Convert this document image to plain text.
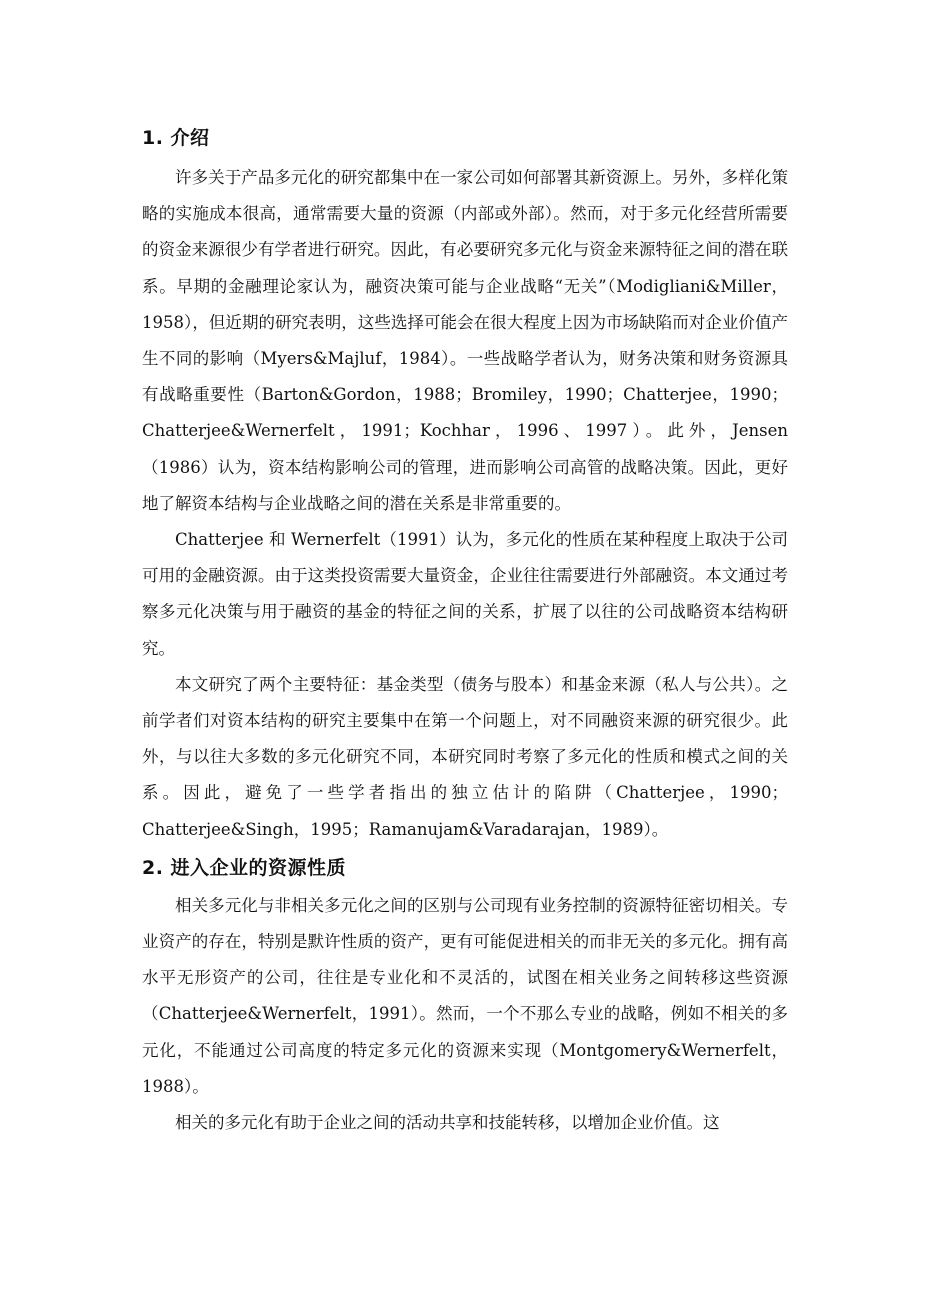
1. 介绍

许多关于产品多元化的研究都集中在一家公司如何部署其新资源上。另外，多样化策略的实施成本很高，通常需要大量的资源（内部或外部）。然而，对于多元化经营所需要的资金来源很少有学者进行研究。因此，有必要研究多元化与资金来源特征之间的潜在联系。早期的金融理论家认为，融资决策可能与企业战略“无关”（Modigliani&Miller，1958），但近期的研究表明，这些选择可能会在很大程度上因为市场缺陷而对企业价值产生不同的影响（Myers&Majluf，1984）。一些战略学者认为，财务决策和财务资源具有战略重要性（Barton&Gordon，1988；Bromiley，1990；Chatterjee，1990；Chatterjee&Wernerfelt，1991；Kochhar，1996、1997）。此外，Jensen（1986）认为，资本结构影响公司的管理，进而影响公司高管的战略决策。因此，更好地了解资本结构与企业战略之间的潜在关系是非常重要的。

Chatterjee 和 Wernerfelt（1991）认为，多元化的性质在某种程度上取决于公司可用的金融资源。由于这类投资需要大量资金，企业往往需要进行外部融资。本文通过考察多元化决策与用于融资的基金的特征之间的关系，扩展了以往的公司战略资本结构研究。

本文研究了两个主要特征：基金类型（债务与股本）和基金来源（私人与公共）。之前学者们对资本结构的研究主要集中在第一个问题上，对不同融资来源的研究很少。此外，与以往大多数的多元化研究不同，本研究同时考察了多元化的性质和模式之间的关系。因此，避免了一些学者指出的独立估计的陷阱（Chatterjee，1990；Chatterjee&Singh，1995；Ramanujam&Varadarajan，1989）。

2. 进入企业的资源性质

相关多元化与非相关多元化之间的区别与公司现有业务控制的资源特征密切相关。专业资产的存在，特别是默许性质的资产，更有可能促进相关的而非无关的多元化。拥有高水平无形资产的公司，往往是专业化和不灵活的，试图在相关业务之间转移这些资源（Chatterjee&Wernerfelt，1991）。然而，一个不那么专业的战略，例如不相关的多元化，不能通过公司高度的特定多元化的资源来实现（Montgomery&Wernerfelt，1988）。

相关的多元化有助于企业之间的活动共享和技能转移，以增加企业价值。这
